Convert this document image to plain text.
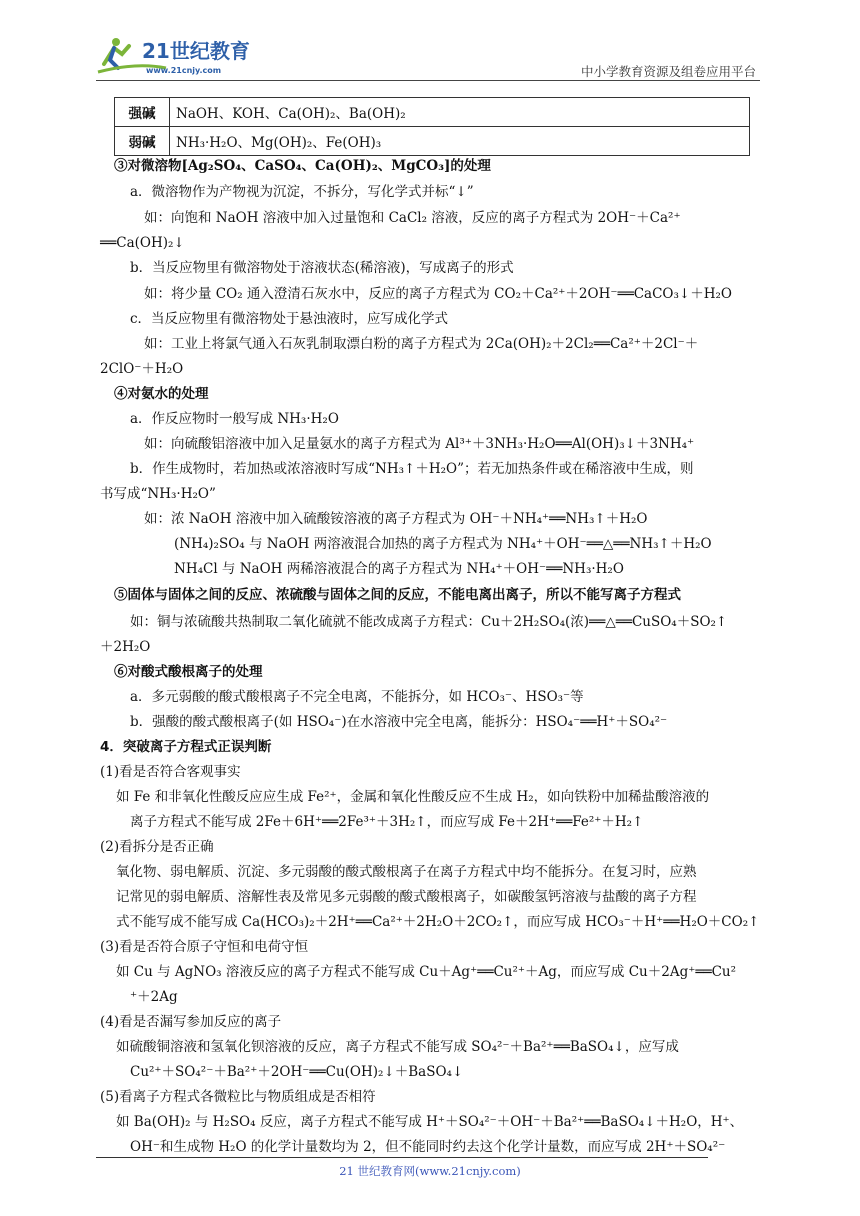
21世纪教育
www.21cnjy.com	中小学教育资源及组卷应用平台
强碱	NaOH、KOH、Ca(OH)₂、Ba(OH)₂
弱碱	NH₃·H₂O、Mg(OH)₂、Fe(OH)₃
③对微溶物[Ag₂SO₄、CaSO₄、Ca(OH)₂、MgCO₃]的处理
a．微溶物作为产物视为沉淀，不拆分，写化学式并标“↓”
如：向饱和 NaOH 溶液中加入过量饱和 CaCl₂ 溶液，反应的离子方程式为 2OH⁻＋Ca²⁺
══Ca(OH)₂↓
b．当反应物里有微溶物处于溶液状态(稀溶液)，写成离子的形式
如：将少量 CO₂ 通入澄清石灰水中，反应的离子方程式为 CO₂＋Ca²⁺＋2OH⁻══CaCO₃↓＋H₂O
c．当反应物里有微溶物处于悬浊液时，应写成化学式
如：工业上将氯气通入石灰乳制取漂白粉的离子方程式为 2Ca(OH)₂＋2Cl₂══Ca²⁺＋2Cl⁻＋
2ClO⁻＋H₂O
④对氨水的处理
a．作反应物时一般写成 NH₃·H₂O
如：向硫酸铝溶液中加入足量氨水的离子方程式为 Al³⁺＋3NH₃·H₂O══Al(OH)₃↓＋3NH₄⁺
b．作生成物时，若加热或浓溶液时写成“NH₃↑＋H₂O”；若无加热条件或在稀溶液中生成，则
书写成“NH₃·H₂O”
如：浓 NaOH 溶液中加入硫酸铵溶液的离子方程式为 OH⁻＋NH₄⁺══NH₃↑＋H₂O
(NH₄)₂SO₄ 与 NaOH 两溶液混合加热的离子方程式为 NH₄⁺＋OH⁻══△══NH₃↑＋H₂O
NH₄Cl 与 NaOH 两稀溶液混合的离子方程式为 NH₄⁺＋OH⁻══NH₃·H₂O
⑤固体与固体之间的反应、浓硫酸与固体之间的反应，不能电离出离子，所以不能写离子方程式
如：铜与浓硫酸共热制取二氧化硫就不能改成离子方程式：Cu＋2H₂SO₄(浓)══△══CuSO₄＋SO₂↑
＋2H₂O
⑥对酸式酸根离子的处理
a．多元弱酸的酸式酸根离子不完全电离，不能拆分，如 HCO₃⁻、HSO₃⁻等
b．强酸的酸式酸根离子(如 HSO₄⁻)在水溶液中完全电离，能拆分：HSO₄⁻══H⁺＋SO₄²⁻
4．突破离子方程式正误判断
(1)看是否符合客观事实
如 Fe 和非氧化性酸反应应生成 Fe²⁺，金属和氧化性酸反应不生成 H₂，如向铁粉中加稀盐酸溶液的
离子方程式不能写成 2Fe＋6H⁺══2Fe³⁺＋3H₂↑，而应写成 Fe＋2H⁺══Fe²⁺＋H₂↑
(2)看拆分是否正确
氧化物、弱电解质、沉淀、多元弱酸的酸式酸根离子在离子方程式中均不能拆分。在复习时，应熟
记常见的弱电解质、溶解性表及常见多元弱酸的酸式酸根离子，如碳酸氢钙溶液与盐酸的离子方程
式不能写成不能写成 Ca(HCO₃)₂＋2H⁺══Ca²⁺＋2H₂O＋2CO₂↑，而应写成 HCO₃⁻＋H⁺══H₂O＋CO₂↑
(3)看是否符合原子守恒和电荷守恒
如 Cu 与 AgNO₃ 溶液反应的离子方程式不能写成 Cu＋Ag⁺══Cu²⁺＋Ag，而应写成 Cu＋2Ag⁺══Cu²
⁺＋2Ag
(4)看是否漏写参加反应的离子
如硫酸铜溶液和氢氧化钡溶液的反应，离子方程式不能写成 SO₄²⁻＋Ba²⁺══BaSO₄↓，应写成
Cu²⁺＋SO₄²⁻＋Ba²⁺＋2OH⁻══Cu(OH)₂↓＋BaSO₄↓
(5)看离子方程式各微粒比与物质组成是否相符
如 Ba(OH)₂ 与 H₂SO₄ 反应，离子方程式不能写成 H⁺＋SO₄²⁻＋OH⁻＋Ba²⁺══BaSO₄↓＋H₂O，H⁺、
OH⁻和生成物 H₂O 的化学计量数均为 2，但不能同时约去这个化学计量数，而应写成 2H⁺＋SO₄²⁻
21 世纪教育网(www.21cnjy.com)
